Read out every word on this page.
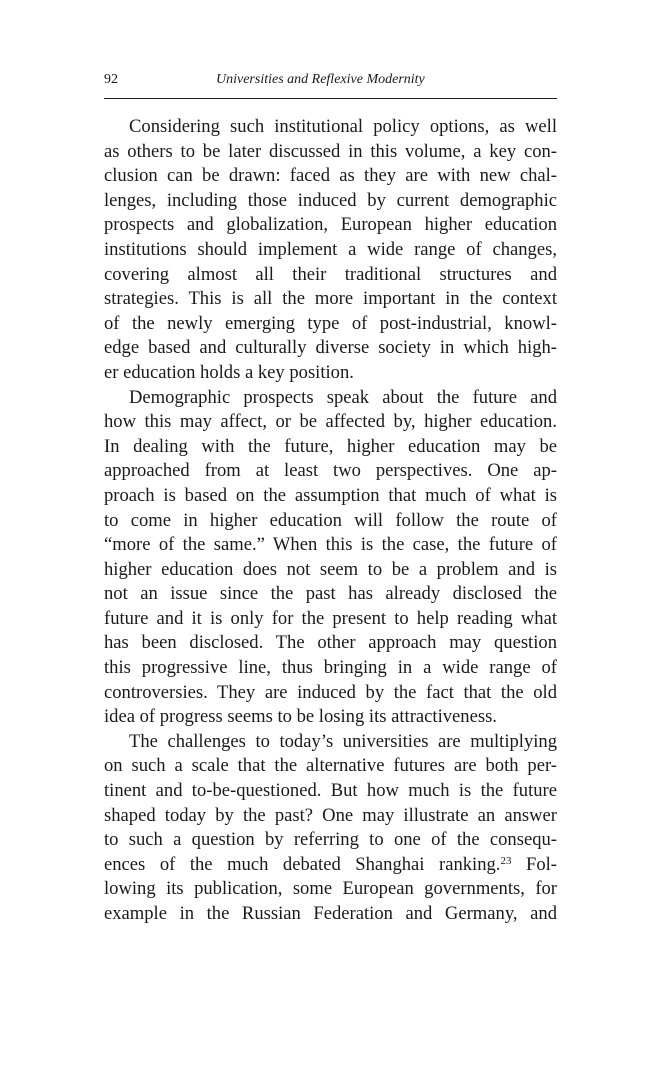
92	Universities and Reflexive Modernity
Considering such institutional policy options, as well
as others to be later discussed in this volume, a key con-
clusion can be drawn: faced as they are with new chal-
lenges, including those induced by current demographic
prospects and globalization, European higher education
institutions should implement a wide range of changes,
covering almost all their traditional structures and
strategies. This is all the more important in the context
of the newly emerging type of post-industrial, knowl-
edge based and culturally diverse society in which high-
er education holds a key position.
Demographic prospects speak about the future and
how this may affect, or be affected by, higher education.
In dealing with the future, higher education may be
approached from at least two perspectives. One ap-
proach is based on the assumption that much of what is
to come in higher education will follow the route of
“more of the same.” When this is the case, the future of
higher education does not seem to be a problem and is
not an issue since the past has already disclosed the
future and it is only for the present to help reading what
has been disclosed. The other approach may question
this progressive line, thus bringing in a wide range of
controversies. They are induced by the fact that the old
idea of progress seems to be losing its attractiveness.
The challenges to today’s universities are multiplying
on such a scale that the alternative futures are both per-
tinent and to-be-questioned. But how much is the future
shaped today by the past? One may illustrate an answer
to such a question by referring to one of the consequ-
ences of the much debated Shanghai ranking.$^{23}$ Fol-
lowing its publication, some European governments, for
example in the Russian Federation and Germany, and
